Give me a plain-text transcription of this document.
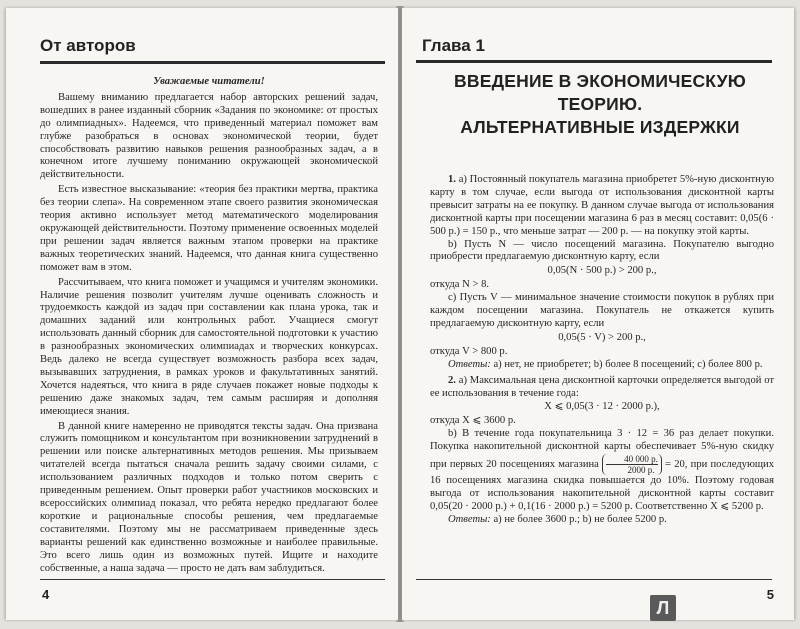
От авторов
Уважаемые читатели!

Вашему вниманию предлагается набор авторских решений задач, вошедших в ранее изданный сборник «Задания по экономике: от простых до олимпиадных». Надеемся, что приведенный материал поможет вам глубже разобраться в основах экономической теории, будет способствовать развитию навыков решения разнообразных задач, а в конечном итоге лучшему пониманию окружающей экономической действительности.

Есть известное высказывание: «теория без практики мертва, практика без теории слепа». На современном этапе своего развития экономическая теория активно использует метод математического моделирования окружающей действительности. Поэтому применение освоенных моделей при решении задач является важным этапом проверки на практике важных теоретических знаний. Надеемся, что данная книга существенно поможет вам в этом.

Рассчитываем, что книга поможет и учащимся и учителям экономики. Наличие решения позволит учителям лучше оценивать сложность и трудоемкость каждой из задач при составлении как плана урока, так и домашних заданий или контрольных работ. Учащиеся смогут использовать данный сборник для самостоятельной подготовки к участию в разнообразных экономических олимпиадах и творческих конкурсах. Ведь далеко не всегда существует возможность разбора всех задач, вызывавших затруднения, в рамках уроков и факультативных занятий. Хочется надеяться, что книга в ряде случаев покажет новые подходы к решению даже знакомых задач, тем самым расширяя и дополняя имеющиеся знания.

В данной книге намеренно не приводятся тексты задач. Она призвана служить помощником и консультантом при возникновении затруднений в решении или поиске альтернативных методов решения. Мы призываем читателей всегда пытаться сначала решить задачу своими силами, с использованием различных подходов и только потом сверить с приведенным решением. Опыт проверки работ участников московских и всероссийских олимпиад показал, что ребята нередко предлагают более короткие и рациональные способы решения, чем предлагаемые составителями. Поэтому мы не рассматриваем приведенные здесь варианты решений как единственно возможные и наиболее правильные. Это всего лишь один из возможных путей. Ищите и находите собственные, а наша задача — просто не дать вам заблудиться.

4
Глава 1
ВВЕДЕНИЕ В ЭКОНОМИЧЕСКУЮ ТЕОРИЮ.
АЛЬТЕРНАТИВНЫЕ ИЗДЕРЖКИ

1. а) Постоянный покупатель магазина приобретет 5%-ную дисконтную карту в том случае, если выгода от использования дисконтной карты превысит затраты на ее покупку. В данном случае выгода от использования дисконтной карты при посещении магазина 6 раз в месяц составит: 0,05(6 · 500 р.) = 150 р., что меньше затрат — 200 р. — на покупку этой карты.

b) Пусть N — число посещений магазина. Покупателю выгодно приобрести предлагаемую дисконтную карту, если

0,05(N · 500 р.) > 200 р.,

откуда N > 8.

с) Пусть V — минимальное значение стоимости покупок в рублях при каждом посещении магазина. Покупатель не откажется купить предлагаемую дисконтную карту, если

0,05(5 · V) > 200 р.,

откуда V > 800 р.

Ответы: а) нет, не приобретет; b) более 8 посещений; с) более 800 р.

2. а) Максимальная цена дисконтной карточки определяется выгодой от ее использования в течение года:

X ⩽ 0,05(3 · 12 · 2000 р.),

откуда X ⩽ 3600 р.

b) В течение года покупательница 3 · 12 = 36 раз делает покупки. Покупка накопительной дисконтной карты обеспечивает 5%-ную скидку при первых 20 посещениях магазина $\frac{40 000 р.}{2000 р.} = 20$, при последующих 16 посещениях магазина скидка повышается до 10%. Поэтому годовая выгода от использования накопительной дисконтной карты составит 0,05(20 · 2000 р.) + 0,1(16 · 2000 р.) = 5200 р. Соответственно X ⩽ 5200 р.

Ответы: а) не более 3600 р.; b) не более 5200 р.

5
Л
